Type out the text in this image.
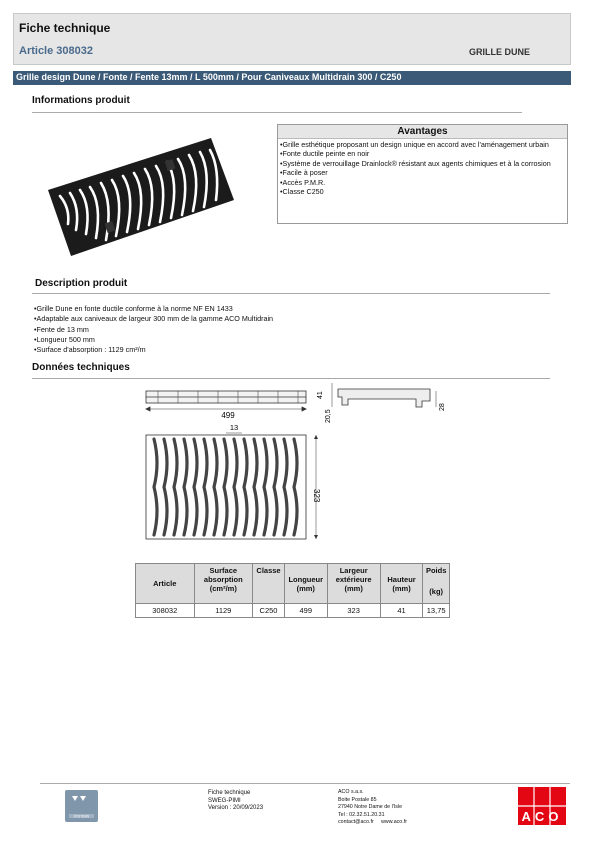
Fiche technique
Article 308032	GRILLE DUNE
Grille design Dune / Fonte / Fente 13mm / L 500mm / Pour Caniveaux Multidrain 300 / C250
Informations produit
Avantages
• Grille esthétique proposant un design unique en accord avec l'aménagement urbain
• Fonte ductile peinte en noir
• Système de verrouillage Drainlock® résistant aux agents chimiques et à la corrosion
• Facile à poser
• Accès P.M.R.
• Classe C250
Description produit
• Grille Dune en fonte ductile conforme à la norme NF EN 1433
• Adaptable aux caniveaux de largeur 300 mm de la gamme ACO Multidrain
• Fente de 13 mm
• Longueur 500 mm
• Surface d'absorption : 1129 cm²/m
Données techniques
499
41
20,5
28
13
323
Article	Surface absorption (cm²/m)	Classe	Longueur (mm)	Largeur extérieure (mm)	Hauteur (mm)	Poids
(kg)

308032	1129	C250	499	323	41	13,75
SYSTEMS
Fiche technique
SWEG-PIMI
Version : 20/09/2023
ACO s.a.s.
Boite Postale 85
27940 Notre Dame de l'Isle
Tel : 02.32.51.20.31
contact@aco.fr www.aco.fr	ACO
